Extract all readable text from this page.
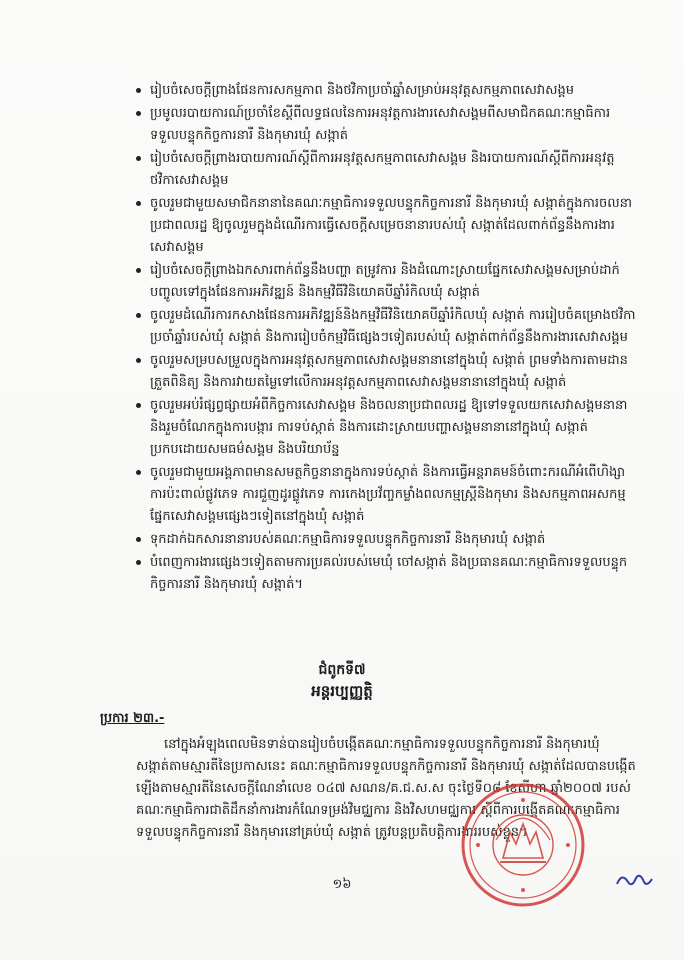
រៀបចំសេចក្ដីព្រាងផែនការសកម្មភាព និងថវិកាប្រចាំឆ្នាំសម្រាប់អនុវត្តសកម្មភាពសេវាសង្គម
ប្រមូលរបាយការណ៍ប្រចាំខែស្ដីពីលទ្ធផលនៃការអនុវត្តការងារសេវាសង្គមពីសមាជិកគណៈកម្មាធិការទទួលបន្ទុកកិច្ចការនារី និងកុមារឃុំ សង្កាត់
រៀបចំសេចក្ដីព្រាងរបាយការណ៍ស្ដីពីការអនុវត្តសកម្មភាពសេវាសង្គម និងរបាយការណ៍ស្ដីពីការអនុវត្តថវិកាសេវាសង្គម
ចូលរួមជាមួយសមាជិកនានានៃគណៈកម្មាធិការទទួលបន្ទុកកិច្ចការនារី និងកុមារឃុំ សង្កាត់ក្នុងការចលនាប្រជាពលរដ្ឋ ឱ្យចូលរួមក្នុងដំណើរការធ្វើសេចក្ដីសម្រេចនានារបស់ឃុំ សង្កាត់ដែលពាក់ព័ន្ធនឹងការងារសេវាសង្គម
រៀបចំសេចក្ដីព្រាងឯកសារពាក់ព័ន្ធនឹងបញ្ហា តម្រូវការ និងដំណោះស្រាយផ្នែកសេវាសង្គមសម្រាប់ដាក់បញ្ចូលទៅក្នុងផែនការអភិវឌ្ឍន៍ និងកម្មវិធីវិនិយោគបីឆ្នាំរំកិលឃុំ សង្កាត់
ចូលរួមដំណើរការកសាងផែនការអភិវឌ្ឍន៍និងកម្មវិធីវិនិយោគបីឆ្នាំរំកិលឃុំ សង្កាត់ ការរៀបចំគម្រោងថវិកាប្រចាំឆ្នាំរបស់ឃុំ សង្កាត់ និងការរៀបចំកម្មវិធីផ្សេងៗទៀតរបស់ឃុំ សង្កាត់ពាក់ព័ន្ធនឹងការងារសេវាសង្គម
ចូលរួមសម្របសម្រួលក្នុងការអនុវត្តសកម្មភាពសេវាសង្គមនានានៅក្នុងឃុំ សង្កាត់ ព្រមទាំងការតាមដានត្រួតពិនិត្យ និងការវាយតម្លៃទៅលើការអនុវត្តសកម្មភាពសេវាសង្គមនានានៅក្នុងឃុំ សង្កាត់
ចូលរួមអប់រំផ្សព្វផ្សាយអំពីកិច្ចការសេវាសង្គម និងចលនាប្រជាពលរដ្ឋ ឱ្យទៅទទួលយកសេវាសង្គមនានា និងរួមចំណែកក្នុងការបង្ការ ការទប់ស្កាត់ និងការដោះស្រាយបញ្ហាសង្គមនានានៅក្នុងឃុំ សង្កាត់ ប្រកបដោយសមធម៌សង្គម និងបរិយាប័ន្ន
ចូលរួមជាមួយអង្គភាពមានសមត្ថកិច្ចនានាក្នុងការទប់ស្កាត់ និងការធ្វើអន្តរាគមន៍ចំពោះករណីអំពើហិង្សា ការប៉ះពាល់ផ្លូវភេទ ការជួញដូរផ្លូវភេទ ការកេងប្រវ័ញ្ចកម្លាំងពលកម្មស្ត្រីនិងកុមារ និងសកម្មភាពអសកម្មផ្នែកសេវាសង្គមផ្សេងៗទៀតនៅក្នុងឃុំ សង្កាត់
ទុកដាក់ឯកសារនានារបស់គណៈកម្មាធិការទទួលបន្ទុកកិច្ចការនារី និងកុមារឃុំ សង្កាត់
បំពេញការងារផ្សេងៗទៀតតាមការប្រគល់របស់មេឃុំ ចៅសង្កាត់ និងប្រធានគណៈកម្មាធិការទទួលបន្ទុកកិច្ចការនារី និងកុមារឃុំ សង្កាត់។
ជំពូកទី៧
អន្តរប្បញ្ញត្តិ
ប្រការ ២៣.-
នៅក្នុងអំឡុងពេលមិនទាន់បានរៀបចំបង្កើតគណៈកម្មាធិការទទួលបន្ទុកកិច្ចការនារី និងកុមារឃុំ សង្កាត់តាមស្មារតីនៃប្រកាសនេះ គណៈកម្មាធិការទទួលបន្ទុកកិច្ចការនារី និងកុមារឃុំ សង្កាត់ដែលបានបង្កើតឡើងតាមស្មារតីនៃសេចក្ដីណែនាំលេខ ០៤៧ សណន/គ.ជ.ស.ស ចុះថ្ងៃទី០៨ ខែសីហា ឆ្នាំ២០០៧ របស់គណៈកម្មាធិការជាតិដឹកនាំការងារកំណែទម្រង់វិមជ្ឈការ និងវិសហមជ្ឈការ ស្ដីពីការបង្កើតគណៈកម្មាធិការទទួលបន្ទុកកិច្ចការនារី និងកុមារនៅគ្រប់ឃុំ សង្កាត់ ត្រូវបន្តប្រតិបត្តិការងាររបស់ខ្លួន។
១៦
